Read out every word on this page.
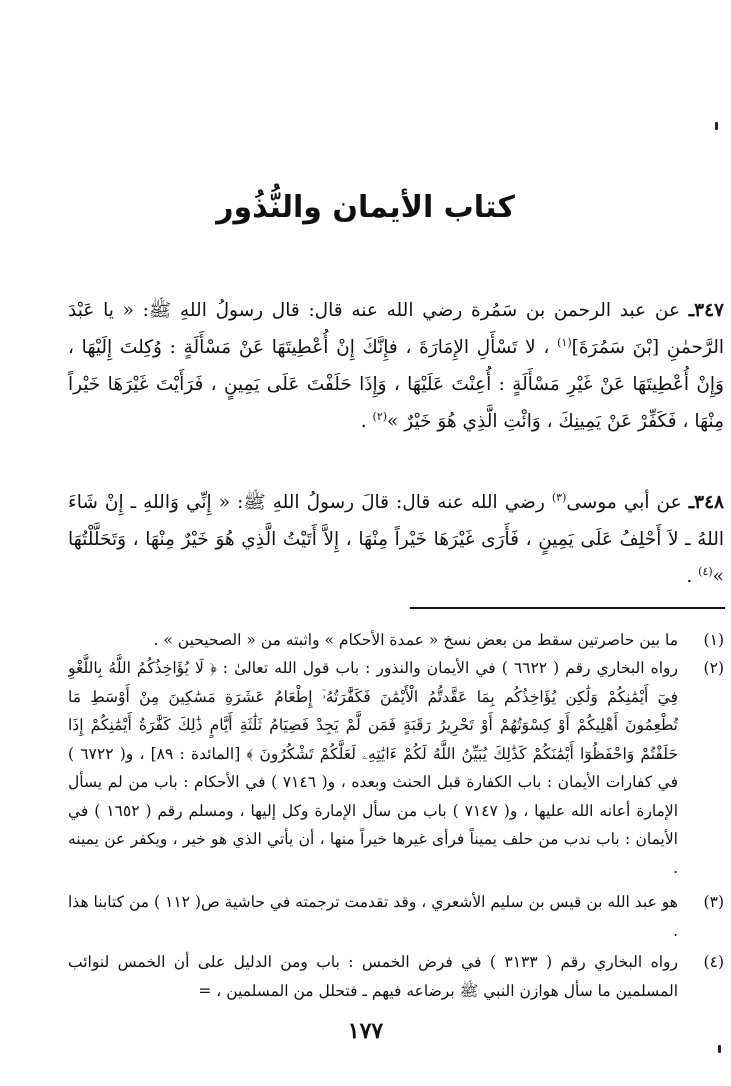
كتاب الأيمان والنُّذُور
٣٤٧ـ عن عبد الرحمن بن سَمُرة رضي الله عنه قال: قال رسولُ اللهِ ﷺ: « يا عَبْدَ الرَّحمٰنِ [بْنَ سَمُرَةَ]$^{(١)}$ ، لا تَسْأَلِ الإِمَارَةَ ، فإِنَّكَ إِنْ أُعْطِيتَهَا عَنْ مَسْأَلَةٍ : وُكِلتَ إِلَيْهَا ، وَإِنْ أُعْطِيتَهَا عَنْ غَيْرِ مَسْأَلَةٍ : أُعِنْتَ عَلَيْهَا ، وَإِذَا حَلَفْتَ عَلَى يَمِينٍ ، فَرَأَيْتَ غَيْرَهَا خَيْراً مِنْهَا ، فَكَفِّرْ عَنْ يَمِينِكَ ، وَائْتِ الَّذِي هُوَ خَيْرٌ »$^{(٢)}$ .
٣٤٨ـ عن أبي موسى$^{(٣)}$ رضي الله عنه قال: قالَ رسولُ اللهِ ﷺ: « إِنِّي وَاللهِ ـ إِنْ شَاءَ اللهُ ـ لاَ أَحْلِفُ عَلَى يَمِينٍ ، فَأَرَى غَيْرَهَا خَيْراً مِنْهَا ، إِلاَّ أَتَيْتُ الَّذِي هُوَ خَيْرٌ مِنْهَا ، وَتَحَلَّلْتُهَا »$^{(٤)}$ .
(١)
ما بين حاصرتين سقط من بعض نسخ « عمدة الأحكام » واثبته من « الصحيحين » .
(٢)
رواه البخاري رقم ( ٦٦٢٢ ) في الأيمان والنذور : باب قول الله تعالىٰ : ﴿ لَا يُؤَاخِذُكُمُ اللَّهُ بِاللَّغْوِ فِيٓ أَيْمَٰنِكُمْ وَلَٰكِن يُؤَاخِذُكُم بِمَا عَقَّدتُّمُ الْأَيْمَٰنَ فَكَفَّٰرَتُهُۥٓ إِطْعَامُ عَشَرَةِ مَسَٰكِينَ مِنْ أَوْسَطِ مَا تُطْعِمُونَ أَهْلِيكُمْ أَوْ كِسْوَتُهُمْ أَوْ تَحْرِيرُ رَقَبَةٍ فَمَن لَّمْ يَجِدْ فَصِيَامُ ثَلَٰثَةِ أَيَّامٍ ذَٰلِكَ كَفَّٰرَةُ أَيْمَٰنِكُمْ إِذَا حَلَفْتُمْ وَاحْفَظُوٓا أَيْمَٰنَكُمْ كَذَٰلِكَ يُبَيِّنُ اللَّهُ لَكُمْ ءَايَٰتِهِۦ لَعَلَّكُمْ تَشْكُرُونَ ﴾ [المائدة : ٨٩] ، و( ٦٧٢٢ ) في كفارات الأيمان : باب الكفارة قبل الحنث وبعده ، و( ٧١٤٦ ) في الأحكام : باب من لم يسأل الإمارة أعانه الله عليها ، و( ٧١٤٧ ) باب من سأل الإمارة وكل إليها ، ومسلم رقم ( ١٦٥٢ ) في الأيمان : باب ندب من حلف يميناً فرأى غيرها خيراً منها ، أن يأتي الذي هو خير ، ويكفر عن يمينه .
(٣)
هو عبد الله بن قيس بن سليم الأشعري ، وقد تقدمت ترجمته في حاشية ص( ١١٢ ) من كتابنا هذا .
(٤)
رواه البخاري رقم ( ٣١٣٣ ) في فرض الخمس : باب ومن الدليل على أن الخمس لنوائب المسلمين ما سأل هوازن النبي ﷺ برضاعه فيهم ـ فتحلل من المسلمين ، =
١٧٧
